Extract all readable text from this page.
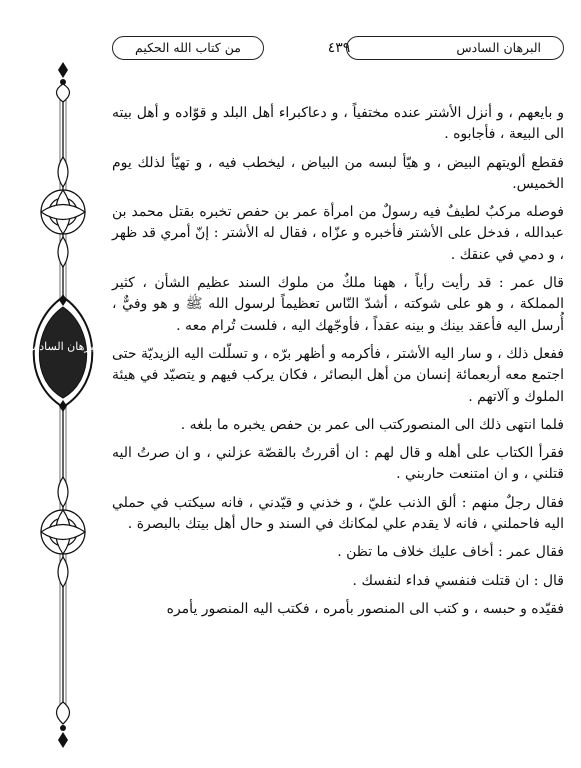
من كتاب الله الحكيم	٤٣٩	البرهان السادس
البرهان السادس

و بايعهم ، و أنزل الأشتر عنده مختفياً ، و دعاكبراء أهل البلد و قوّاده و أهل بيته الى البيعة ، فأجابوه .

فقطع ألويتهم البيض ، و هيّأ لبسه من البياض ، ليخطب فيه ، و تهيّأ لذلك يوم الخميس.

فوصله مركبٌ لطيفٌ فيه رسولٌ من امرأة عمر بن حفص تخبره بقتل محمد بن عبدالله ، فدخل على الأشتر فأخبره و عزّاه ، فقال له الأشتر : إنّ أمري قد ظهر ، و دمي في عنقك .

قال عمر : قد رأيت رأياً ، ههنا ملكٌ من ملوك السند عظيم الشأن ، كثير المملكة ، و هو على شوكته ، أشدّ النّاس تعظيماً لرسول الله ﷺ و هو وفيٌّ ، أُرسل اليه فأعقد بينك و بينه عقداً ، فأوجّهك اليه ، فلست تُرام معه .

ففعل ذلك ، و سار اليه الأشتر ، فأكرمه و أظهر برّه ، و تسلّلت اليه الزيديّة حتى اجتمع معه أربعمائة إنسان من أهل البصائر ، فكان يركب فيهم و يتصيّد في هيئة الملوك و آلاتهم .

فلما انتهى ذلك الى المنصوركتب الى عمر بن حفص يخبره ما بلغه .

فقرأ الكتاب على أهله و قال لهم : ان أقررتُ بالقصّة عزلني ، و ان صرتُ اليه قتلني ، و ان امتنعت حاربني .

فقال رجلٌ منهم : ألق الذنب عليّ ، و خذني و قيّدني ، فانه سيكتب في حملي اليه فاحملني ، فانه لا يقدم علي لمكانك في السند و حال أهل بيتك بالبصرة .

فقال عمر : أخاف عليك خلاف ما تظن .

قال : ان قتلت فنفسي فداء لنفسك .

فقيّده و حبسه ، و كتب الى المنصور بأمره ، فكتب اليه المنصور يأمره
